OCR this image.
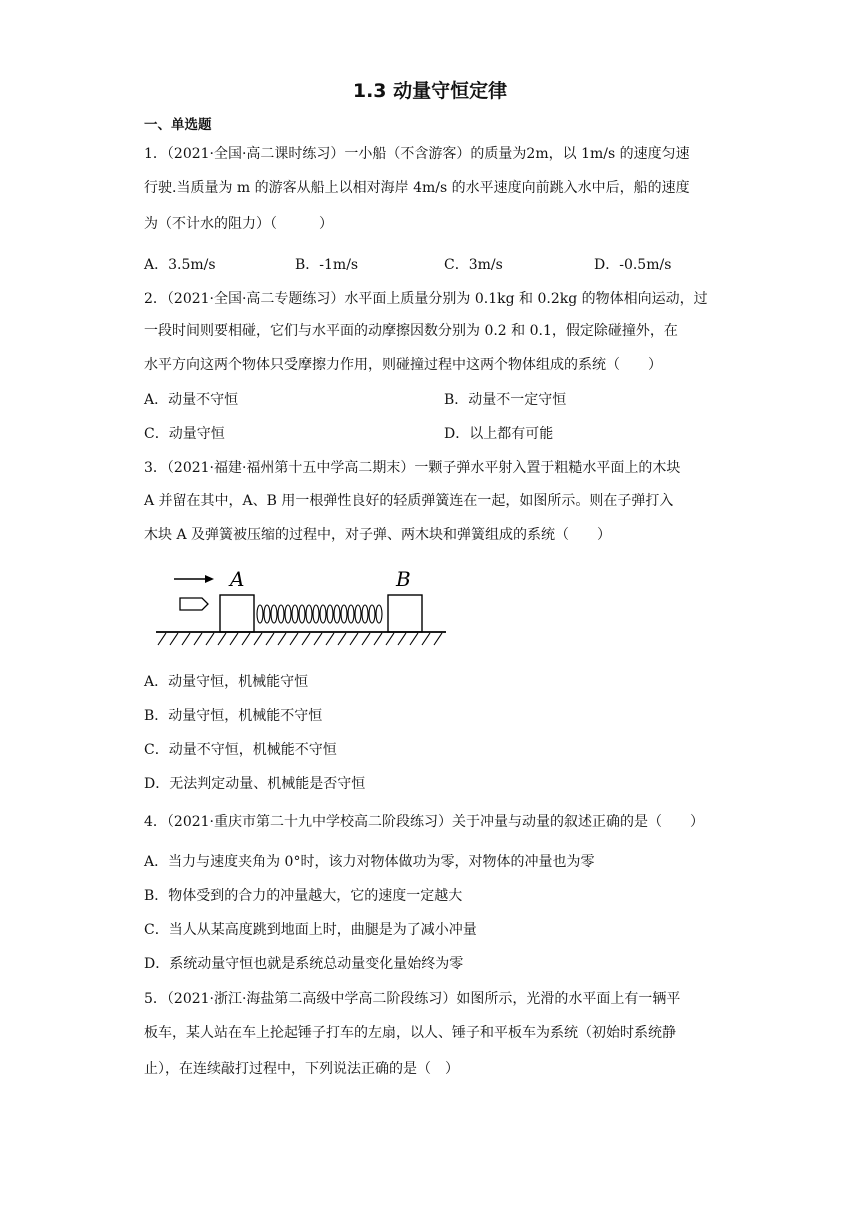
1.3 动量守恒定律
一、单选题
1．（2021·全国·高二课时练习）一小船（不含游客）的质量为2m，以 1m/s 的速度匀速
行驶.当质量为 m 的游客从船上以相对海岸 4m/s 的水平速度向前跳入水中后，船的速度
为（不计水的阻力）（　　　）
A．3.5m/s	B．-1m/s	C．3m/s	D．-0.5m/s
2．（2021·全国·高二专题练习）水平面上质量分别为 0.1kg 和 0.2kg 的物体相向运动，过
一段时间则要相碰，它们与水平面的动摩擦因数分别为 0.2 和 0.1，假定除碰撞外，在
水平方向这两个物体只受摩擦力作用，则碰撞过程中这两个物体组成的系统（　　）
A．动量不守恒	B．动量不一定守恒
C．动量守恒	D．以上都有可能
3．（2021·福建·福州第十五中学高二期末）一颗子弹水平射入置于粗糙水平面上的木块
A 并留在其中，A、B 用一根弹性良好的轻质弹簧连在一起，如图所示。则在子弹打入
木块 A 及弹簧被压缩的过程中，对子弹、两木块和弹簧组成的系统（　　）
A	B
A．动量守恒，机械能守恒
B．动量守恒，机械能不守恒
C．动量不守恒，机械能不守恒
D．无法判定动量、机械能是否守恒
4．（2021·重庆市第二十九中学校高二阶段练习）关于冲量与动量的叙述正确的是（　　）
A．当力与速度夹角为 0°时，该力对物体做功为零，对物体的冲量也为零
B．物体受到的合力的冲量越大，它的速度一定越大
C．当人从某高度跳到地面上时，曲腿是为了减小冲量
D．系统动量守恒也就是系统总动量变化量始终为零
5．（2021·浙江·海盐第二高级中学高二阶段练习）如图所示，光滑的水平面上有一辆平
板车，某人站在车上抡起锤子打车的左扇，以人、锤子和平板车为系统（初始时系统静
止），在连续敲打过程中，下列说法正确的是（　）
